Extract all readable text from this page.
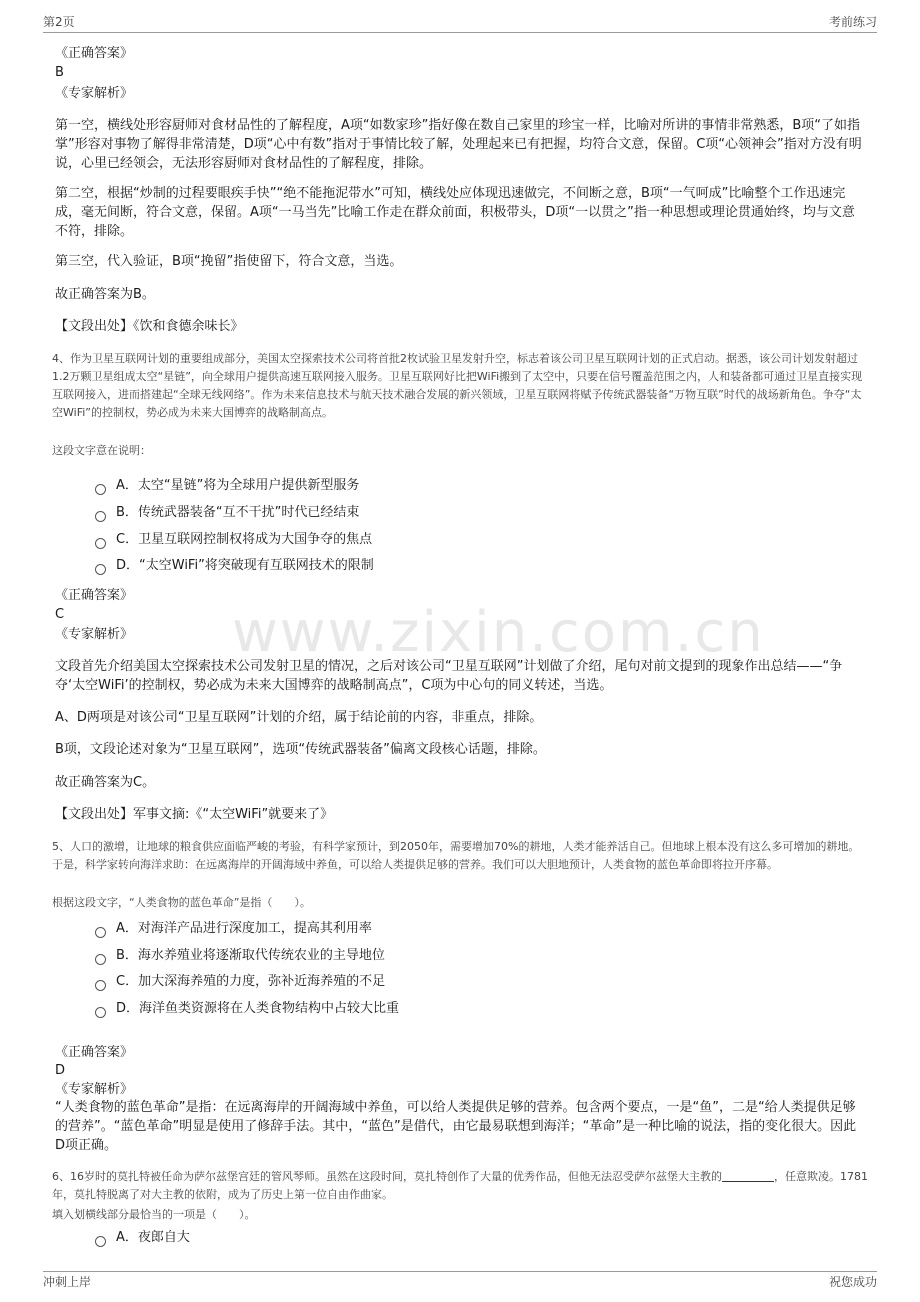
第2页	考前练习
www.zixin.com.cn
《正确答案》
B
《专家解析》
第一空，横线处形容厨师对食材品性的了解程度，A项“如数家珍”指好像在数自己家里的珍宝一样，比喻对所讲的事情非常熟悉，B项“了如指掌”形容对事物了解得非常清楚，D项“心中有数”指对于事情比较了解，处理起来已有把握，均符合文意，保留。C项“心领神会”指对方没有明说，心里已经领会，无法形容厨师对食材品性的了解程度，排除。
第二空，根据“炒制的过程要眼疾手快”“绝不能拖泥带水”可知，横线处应体现迅速做完，不间断之意，B项“一气呵成”比喻整个工作迅速完成，毫无间断，符合文意，保留。A项“一马当先”比喻工作走在群众前面，积极带头，D项“一以贯之”指一种思想或理论贯通始终，均与文意不符，排除。
第三空，代入验证，B项“挽留”指使留下，符合文意，当选。
故正确答案为B。
【文段出处】《饮和食德余味长》
4、作为卫星互联网计划的重要组成部分，美国太空探索技术公司将首批2枚试验卫星发射升空，标志着该公司卫星互联网计划的正式启动。据悉，该公司计划发射超过1.2万颗卫星组成太空“星链”，向全球用户提供高速互联网接入服务。卫星互联网好比把WiFi搬到了太空中，只要在信号覆盖范围之内，人和装备都可通过卫星直接实现互联网接入，进而搭建起“全球无线网络”。作为未来信息技术与航天技术融合发展的新兴领域，卫星互联网将赋予传统武器装备“万物互联”时代的战场新角色。争夺“太空WiFi”的控制权，势必成为未来大国博弈的战略制高点。
这段文字意在说明：
A．太空“星链”将为全球用户提供新型服务
B．传统武器装备“互不干扰”时代已经结束
C．卫星互联网控制权将成为大国争夺的焦点
D．“太空WiFi”将突破现有互联网技术的限制
《正确答案》
C
《专家解析》
文段首先介绍美国太空探索技术公司发射卫星的情况，之后对该公司“卫星互联网”计划做了介绍，尾句对前文提到的现象作出总结——“争夺‘太空WiFi’的控制权，势必成为未来大国博弈的战略制高点”，C项为中心句的同义转述，当选。
A、D两项是对该公司“卫星互联网”计划的介绍，属于结论前的内容，非重点，排除。
B项，文段论述对象为“卫星互联网”，选项“传统武器装备”偏离文段核心话题，排除。
故正确答案为C。
【文段出处】军事文摘:《“太空WiFi”就要来了》
5、人口的激增，让地球的粮食供应面临严峻的考验，有科学家预计，到2050年，需要增加70%的耕地，人类才能养活自己。但地球上根本没有这么多可增加的耕地。于是，科学家转向海洋求助：在远离海岸的开阔海域中养鱼，可以给人类提供足够的营养。我们可以大胆地预计，人类食物的蓝色革命即将拉开序幕。
根据这段文字，“人类食物的蓝色革命”是指（　　）。
A．对海洋产品进行深度加工，提高其利用率
B．海水养殖业将逐渐取代传统农业的主导地位
C．加大深海养殖的力度，弥补近海养殖的不足
D．海洋鱼类资源将在人类食物结构中占较大比重
《正确答案》
D
《专家解析》
“人类食物的蓝色革命”是指：在远离海岸的开阔海域中养鱼，可以给人类提供足够的营养。包含两个要点，一是“鱼”，二是“给人类提供足够的营养”。“蓝色革命”明显是使用了修辞手法。其中，“蓝色”是借代，由它最易联想到海洋；“革命”是一种比喻的说法，指的变化很大。因此D项正确。
6、16岁时的莫扎特被任命为萨尔兹堡宫廷的管风琴师。虽然在这段时间，莫扎特创作了大量的优秀作品，但他无法忍受萨尔兹堡大主教的	，任意欺凌。1781年，莫扎特脱离了对大主教的依附，成为了历史上第一位自由作曲家。
填入划横线部分最恰当的一项是（　　）。
A．夜郎自大
冲刺上岸	祝您成功
